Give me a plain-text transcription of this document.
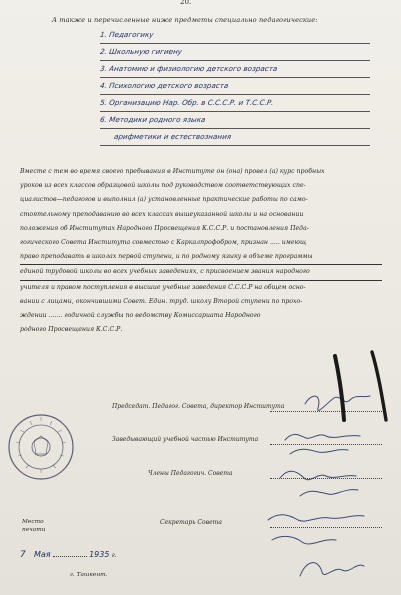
20.
А также и перечисленные ниже предметы специально педагогические:
1. Педагогику
2. Школьную гигиену
3. Анатомию и физиологию детского возраста
4. Психологию детского возраста
5. Организацию Нар. Обр. в С.С.С.Р. и Т.С.С.Р.
6. Методики родного языка
арифметики и естествознания
Вместе с тем во время своего пребывания в Институте он (она) провел (а) курс пробных
уроков из всех классов образцовой школы под руководством соответствующих спе-
циалистов—педагогов и выполнил (а) установленные практические работы по само-
стоятельному преподаванию во всех классах вышеуказанной школы и на основании
положения об Институтах Народного Просвещения К.С.С.Р. и постановления Педа-
гогического Совета Института совместно с Каркалпрофобром, признан ..... имеющ
право преподавать в школах первой ступени, и по родному языку в объеме программы
единой трудовой школы во всех учебных заведениях, с присвоением звания народного
учителя и правом поступления в высшие учебные заведения С.С.С.Р на общем осно-
вании с лицами, окончившими Совет. Един. труд. школу Второй ступени по прохо-
ждении ....... годичной службы по ведомству Комиссариата Народного
родного Просвещения К.С.С.Р.
Председат. Педагог. Совета, директор Института
Заведывающий учебной частью Института
Члены Педагогич. Совета
Секретарь Совета
Место печати
7 Мая	1935 г.
г. Ташкент.
